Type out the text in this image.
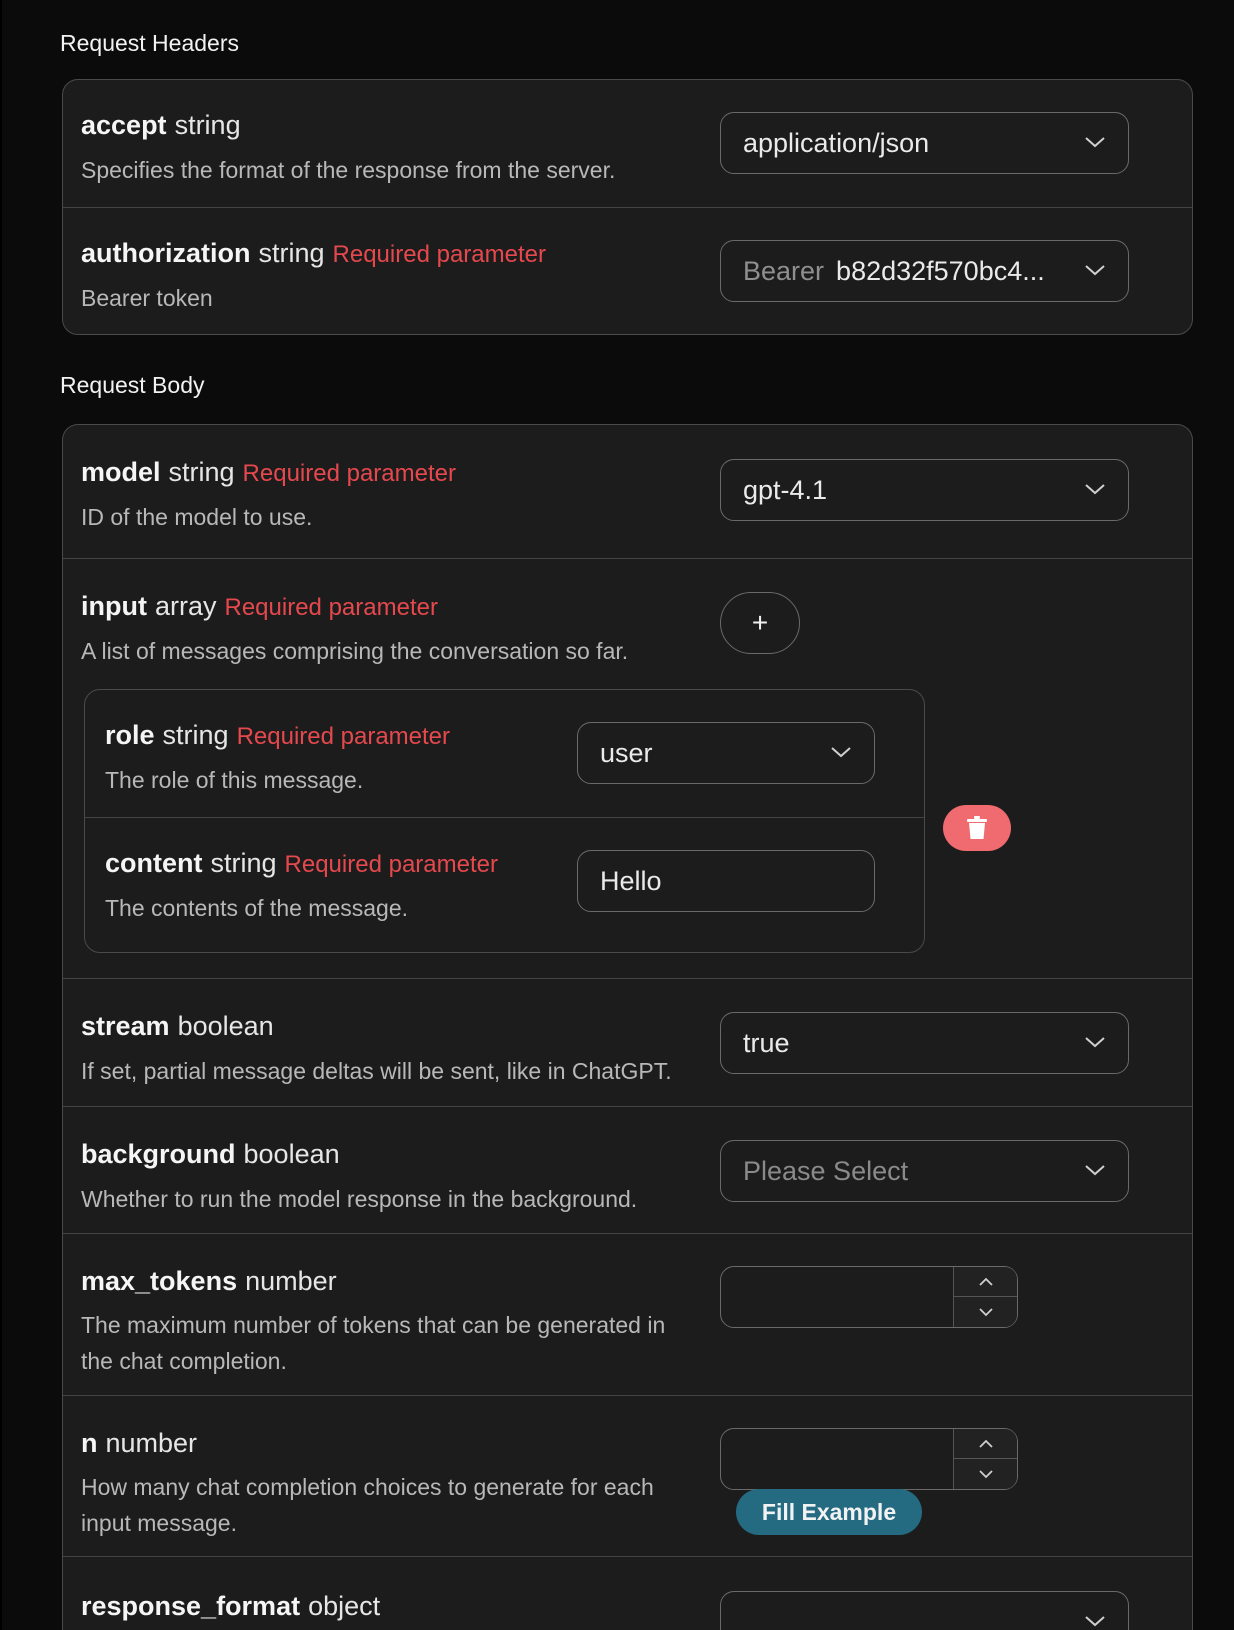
Request Headers
accept string
Specifies the format of the response from the server.
application/json
authorization string Required parameter
Bearer token
Bearer b82d32f570bc4...
Request Body
model string Required parameter
ID of the model to use.
gpt-4.1
input array Required parameter
A list of messages comprising the conversation so far.
+
role string Required parameter
The role of this message.
user
content string Required parameter
The contents of the message.
Hello
stream boolean
If set, partial message deltas will be sent, like in ChatGPT.
true
background boolean
Whether to run the model response in the background.
Please Select
max_tokens number
The maximum number of tokens that can be generated in
the chat completion.
n number
How many chat completion choices to generate for each
input message.	Fill Example
response_format object
